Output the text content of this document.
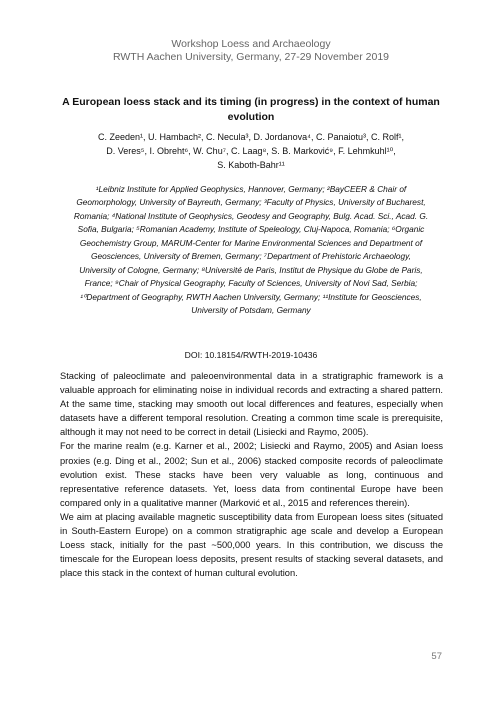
Workshop Loess and Archaeology
RWTH Aachen University, Germany, 27-29 November 2019
A European loess stack and its timing (in progress) in the context of human evolution
C. Zeeden¹, U. Hambach², C. Necula³, D. Jordanova⁴, C. Panaiotu³, C. Rolf¹,
D. Veres⁵, I. Obreht⁶, W. Chu⁷, C. Laag⁸, S. B. Marković⁹, F. Lehmkuhl¹⁰,
S. Kaboth-Bahr¹¹
¹Leibniz Institute for Applied Geophysics, Hannover, Germany; ²BayCEER & Chair of Geomorphology, University of Bayreuth, Germany; ³Faculty of Physics, University of Bucharest, Romania; ⁴National Institute of Geophysics, Geodesy and Geography, Bulg. Acad. Sci., Acad. G. Sofia, Bulgaria; ⁵Romanian Academy, Institute of Speleology, Cluj-Napoca, Romania; ⁶Organic Geochemistry Group, MARUM-Center for Marine Environmental Sciences and Department of Geosciences, University of Bremen, Germany; ⁷Department of Prehistoric Archaeology, University of Cologne, Germany; ⁸Université de Paris, Institut de Physique du Globe de Paris, France; ⁹Chair of Physical Geography, Faculty of Sciences, University of Novi Sad, Serbia; ¹⁰Department of Geography, RWTH Aachen University, Germany; ¹¹Institute for Geosciences, University of Potsdam, Germany
DOI: 10.18154/RWTH-2019-10436

Stacking of paleoclimate and paleoenvironmental data in a stratigraphic framework is a valuable approach for eliminating noise in individual records and extracting a shared pattern. At the same time, stacking may smooth out local differences and features, especially when datasets have a different temporal resolution. Creating a common time scale is prerequisite, although it may not need to be correct in detail (Lisiecki and Raymo, 2005).

For the marine realm (e.g. Karner et al., 2002; Lisiecki and Raymo, 2005) and Asian loess proxies (e.g. Ding et al., 2002; Sun et al., 2006) stacked composite records of paleoclimate evolution exist. These stacks have been very valuable as long, continuous and representative reference datasets. Yet, loess data from continental Europe have been compared only in a qualitative manner (Marković et al., 2015 and references therein).

We aim at placing available magnetic susceptibility data from European loess sites (situated in South-Eastern Europe) on a common stratigraphic age scale and develop a European Loess stack, initially for the past ~500,000 years. In this contribution, we discuss the timescale for the European loess deposits, present results of stacking several datasets, and place this stack in the context of human cultural evolution.

57
